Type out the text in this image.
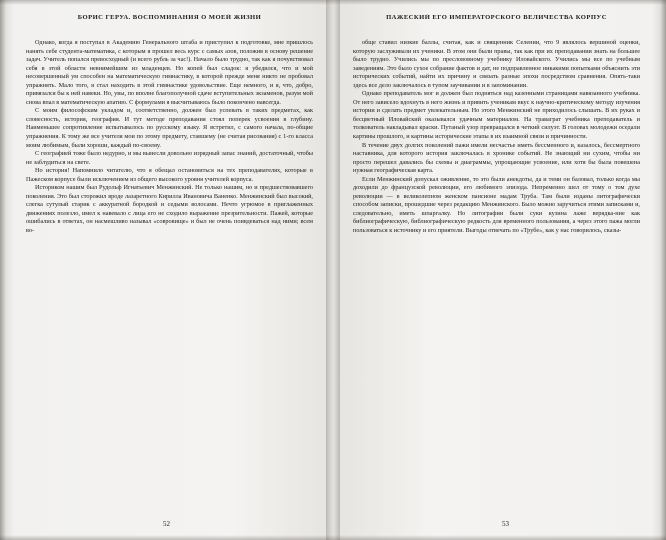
БОРИС ГЕРУА. ВОСПОМИНАНИЯ О МОЕЙ ЖИЗНИ

Однако, когда я поступал в Академию Генерального штаба и приступил к подготовке, мне пришлось нанять себе студента-математика, с которым я прошел весь курс с самых азов, положив в основу решение задач. Учитель попался превосходный (и всего рубль за час!). Начало было трудно, так как я почувствовал себя в этой области невнимейшим из младенцев. Но копей был сладок: я убедился, что и мой несовершенный ум способен на математическую гимнастику, в которой прежде меня никто не пробовал упражнять. Мало того, я стал находить в этой гимнастике удовольствие. Еще немного, и я, что, добро, привязался бы к ней навеки. Но, увы, по вполне благополучной сдаче вступительных экзаменов, разум мой снова впал в математическую апатию. С формулами я высчитываюсь было покончено навсегда.

С моим философским укладом и, соответственно, должен был успевать в таких предметах, как словесность, история, география. И тут методе преподавания стоял поперек усвоения в глубину. Наименьшее сопротивление испытывалось по русскому языку. Я встретил, с самого начала, по-общие упражнения. К тому же все учителя мои по этому предмету, ставшему (не считая рисования) с 1-го класса моим любимым, были хороши, каждый по-своему.

С географией тоже было недурно, и мы вынесли довольно изрядный запас знаний, достаточный, чтобы не заблудиться на свете.

Но история! Напомнило читателю, что я обещал остановиться на тех преподавателях, которые в Пажеском корпусе были исключением из общего высокого уровня учителей корпуса.

Историком нашим был Рудольф Игнатьевич Менжинский. Не только нашим, но и предшествовавшего поколения. Это был сторожил вроде лазаретного Кирилла Ивановича Ваненко. Менжинский был высокий, слегка сутулый старик с аккуратной бородкой и седыми волосами. Нечто угрюмое в приглаженных движениях полезло, имел к навевало с лица его не сходило выражение презрительности. Пажей, которые ошибались в ответах, он насмешливо называл «совровище» и был не очень поивдеваться над ними; всем во-

52
ПАЖЕСКИЙ ЕГО ИМПЕРАТОРСКОГО ВЕЛИЧЕСТВА КОРПУС

обще ставил низкие баллы, считая, как и священник Селении, что 9 являлось вершиной оценки, которую заслуживали их ученики. В этом они были правы, так как при их преподавании знать на большее было трудно. Учились мы по преслововному учебнику Иловайского. Учились мы все по учебным заведениям. Это было сухое собрание фактов и дат, не подправленное никакими попытками объяснить эти исторических событий, найти их причину и связать разные эпохи посредством сравнения. Опять-таки здесь все дело заключалось в тупом заучивании и в запоминании.

Однако преподаватель мог и должен был подняться над казенными страницами навязанного учебника. От него зависело вдохнуть в него жизнь и привить ученикам вкус к научно-критическому методу изучения истории и сделать предмет увлекательным. Но этого Менжинский не приходилось слышать. В их руках и бесцветный Иловайский оказывался удачным материалом. На траваграт учебника преподаватель и толкователь накладывал краски. Путаный узор превращался в четкий силуэт. В головах молодежи оседали картины прошлого, и картины исторические этапы в их взаимной связи и причинности.

В течение двух долгих поколений пажи имели несчастье иметь бессменного и, казалось, бессмертного наставника, для которого история заключалась в хронике событий. Не знающий ни сухим, чтобы ни просто перешел давались бы схемы и диаграммы, упрощающие усвоение, или хотя бы была повешена нужная географическая карта.

Если Менжинский допускал оживление, то это были анекдоты, да и теми он баловал, только когда мы доходили до французской революции, его любимого эпизода. Непременно шел от тому о том духе революции — в великолепном женском пансионе мадам Труба. Там были изданы литографически способом записки, прошедшие через редакцию Менжинского. Было можно заручиться этими записками и, следовательно, иметь шпаргалку. Но литографии были суки кузина лаже верядка-ние как библиографическую, библиографическую редкость для временного пользования, а через этого пажа могли пользоваться к источнику и его приятели. Выгоды отвечать по «Трубе», как у нас говорилось, сказы-

53
